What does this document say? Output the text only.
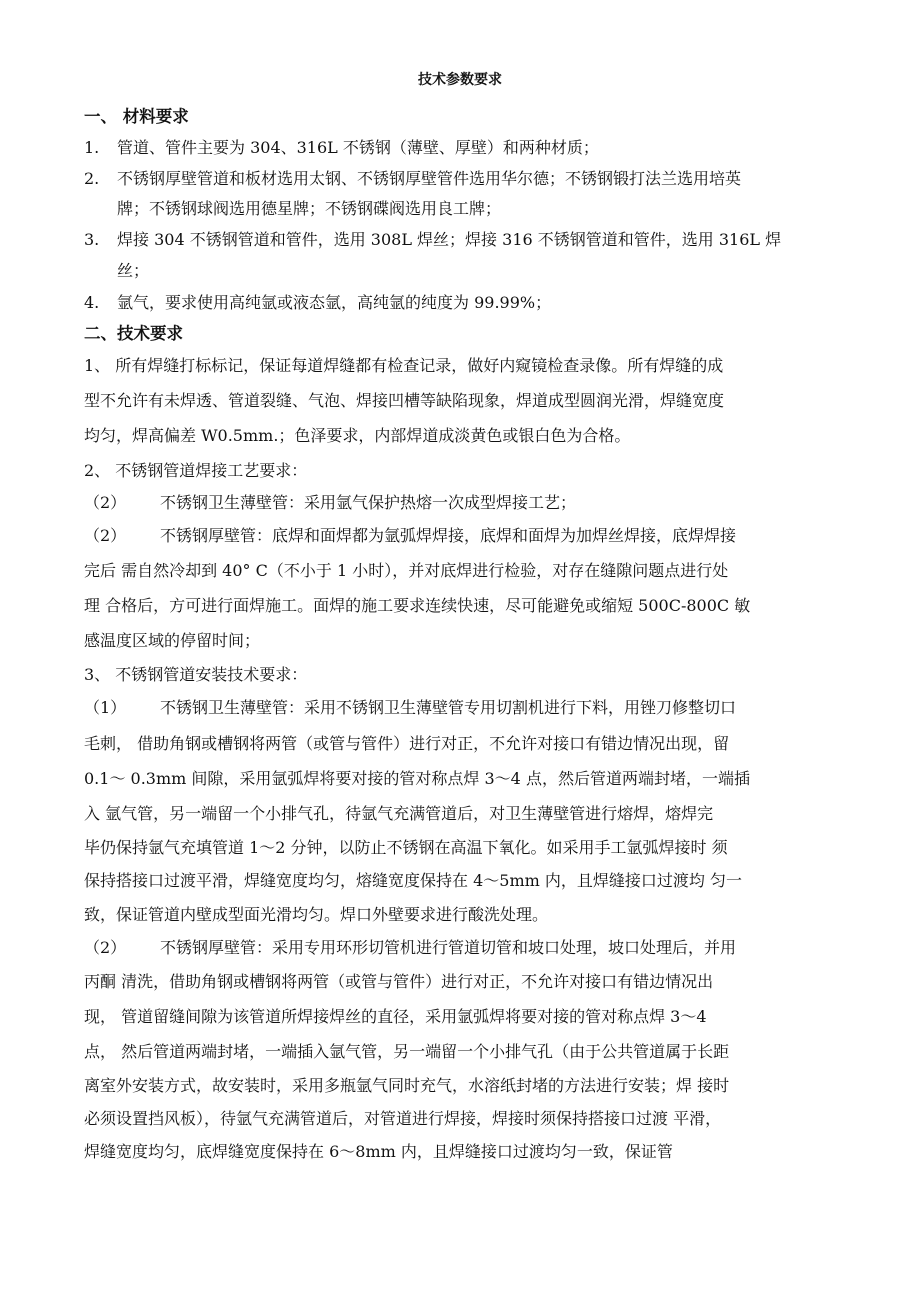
技术参数要求
一、 材料要求
1. 管道、管件主要为 304、316L 不锈钢（薄壁、厚壁）和两种材质；
2. 不锈钢厚壁管道和板材选用太钢、不锈钢厚壁管件选用华尔德；不锈钢锻打法兰选用培英
牌；不锈钢球阀选用德星牌；不锈钢碟阀选用良工牌；
3. 焊接 304 不锈钢管道和管件，选用 308L 焊丝；焊接 316 不锈钢管道和管件，选用 316L 焊
丝；
4. 氩气，要求使用高纯氩或液态氩，高纯氩的纯度为 99.99%；
二、技术要求
1、 所有焊缝打标标记，保证每道焊缝都有检查记录，做好内窥镜检查录像。所有焊缝的成
型不允许有未焊透、管道裂缝、气泡、焊接凹槽等缺陷现象，焊道成型圆润光滑，焊缝宽度
均匀，焊高偏差 W0.5mm.；色泽要求，内部焊道成淡黄色或银白色为合格。
2、 不锈钢管道焊接工艺要求：
（2） 不锈钢卫生薄壁管：采用氩气保护热熔一次成型焊接工艺；
（2） 不锈钢厚壁管：底焊和面焊都为氩弧焊焊接，底焊和面焊为加焊丝焊接，底焊焊接
完后 需自然冷却到 40° C（不小于 1 小时），并对底焊进行检验，对存在缝隙问题点进行处
理 合格后，方可进行面焊施工。面焊的施工要求连续快速，尽可能避免或缩短 500C-800C 敏
感温度区域的停留时间；
3、 不锈钢管道安装技术要求：
（1） 不锈钢卫生薄壁管：采用不锈钢卫生薄壁管专用切割机进行下料，用锉刀修整切口
毛刺， 借助角钢或槽钢将两管（或管与管件）进行对正，不允许对接口有错边情况出现，留
0.1～ 0.3mm 间隙，采用氩弧焊将要对接的管对称点焊 3～4 点，然后管道两端封堵，一端插
入 氩气管，另一端留一个小排气孔，待氩气充满管道后，对卫生薄壁管进行熔焊，熔焊完
毕仍保持氩气充填管道 1～2 分钟，以防止不锈钢在高温下氧化。如采用手工氩弧焊接时 须
保持搭接口过渡平滑，焊缝宽度均匀，熔缝宽度保持在 4～5mm 内，且焊缝接口过渡均 匀一
致，保证管道内壁成型面光滑均匀。焊口外壁要求进行酸洗处理。
（2） 不锈钢厚壁管：采用专用环形切管机进行管道切管和坡口处理，坡口处理后，并用
丙酮 清洗，借助角钢或槽钢将两管（或管与管件）进行对正，不允许对接口有错边情况出
现， 管道留缝间隙为该管道所焊接焊丝的直径，采用氩弧焊将要对接的管对称点焊 3～4
点， 然后管道两端封堵，一端插入氩气管，另一端留一个小排气孔（由于公共管道属于长距
离室外安装方式，故安装时，采用多瓶氩气同时充气，水溶纸封堵的方法进行安装；焊 接时
必须设置挡风板），待氩气充满管道后，对管道进行焊接，焊接时须保持搭接口过渡 平滑，
焊缝宽度均匀，底焊缝宽度保持在 6～8mm 内，且焊缝接口过渡均匀一致，保证管
